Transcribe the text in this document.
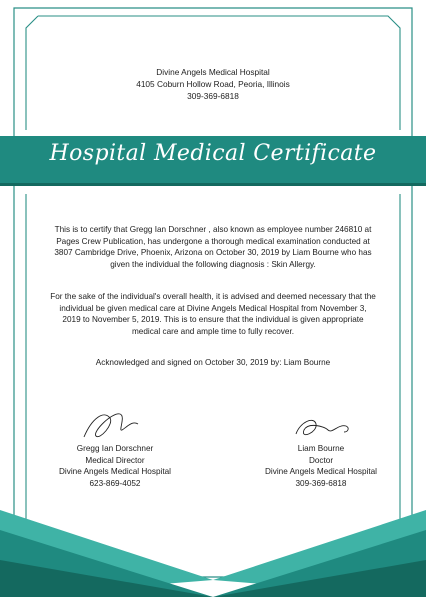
Divine Angels Medical Hospital
4105 Coburn Hollow Road, Peoria, Illinois
309-369-6818
Hospital Medical Certificate
This is to certify that Gregg Ian Dorschner , also known as employee number 246810 at Pages Crew Publication, has undergone a thorough medical examination conducted at 3807 Cambridge Drive, Phoenix, Arizona on October 30, 2019 by Liam Bourne who has given the individual the following diagnosis : Skin Allergy.
For the sake of the individual's overall health, it is advised and deemed necessary that the individual be given medical care at Divine Angels Medical Hospital from November 3, 2019 to November 5, 2019. This is to ensure that the individual is given appropriate medical care and ample time to fully recover.
Acknowledged and signed on October 30, 2019 by: Liam Bourne
Gregg Ian Dorschner
Medical Director
Divine Angels Medical Hospital
623-869-4052
Liam Bourne
Doctor
Divine Angels Medical Hospital
309-369-6818
